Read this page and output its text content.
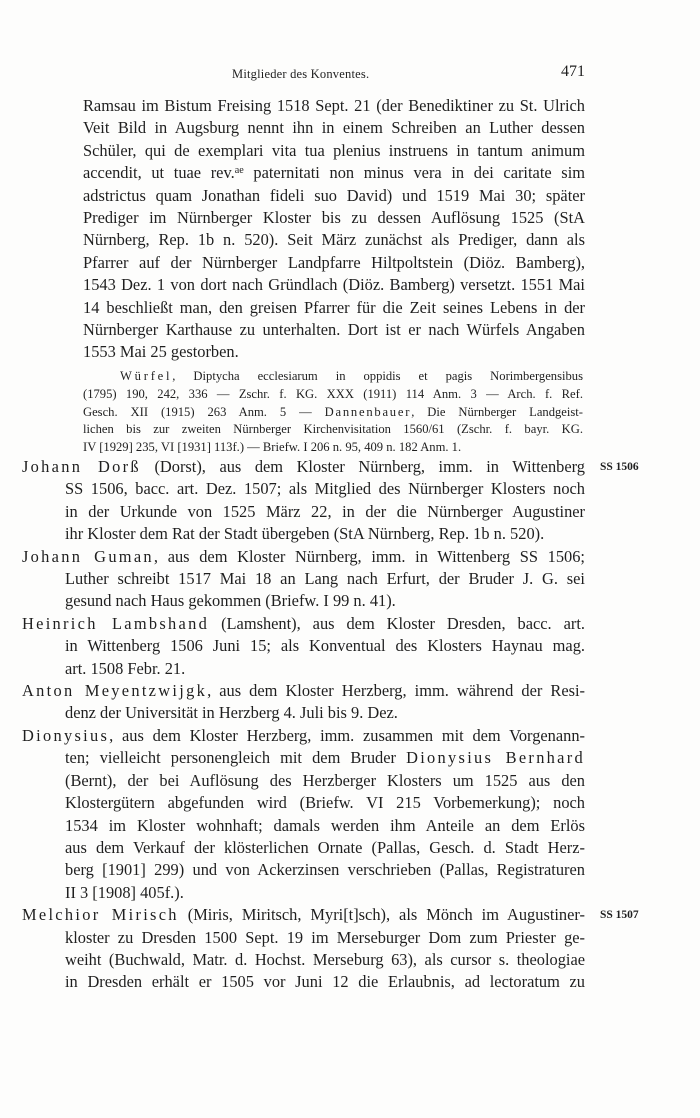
Mitglieder des Konventes.	471
Ramsau im Bistum Freising 1518 Sept. 21 (der Benediktiner zu St. Ulrich
Veit Bild in Augsburg nennt ihn in einem Schreiben an Luther dessen
Schüler, qui de exemplari vita tua plenius instruens in tantum animum
accendit, ut tuae rev.$^{ae}$ paternitati non minus vera in dei caritate sim
adstrictus quam Jonathan fideli suo David) und 1519 Mai 30; später
Prediger im Nürnberger Kloster bis zu dessen Auflösung 1525 (StA
Nürnberg, Rep. 1b n. 520). Seit März zunächst als Prediger, dann als
Pfarrer auf der Nürnberger Landpfarre Hiltpoltstein (Diöz. Bamberg),
1543 Dez. 1 von dort nach Gründlach (Diöz. Bamberg) versetzt. 1551 Mai
14 beschließt man, den greisen Pfarrer für die Zeit seines Lebens in der
Nürnberger Karthause zu unterhalten. Dort ist er nach Würfels Angaben
1553 Mai 25 gestorben.
Würfel, Diptycha ecclesiarum in oppidis et pagis Norimbergensibus
(1795) 190, 242, 336 — Zschr. f. KG. XXX (1911) 114 Anm. 3 — Arch. f. Ref.
Gesch. XII (1915) 263 Anm. 5 — Dannenbauer, Die Nürnberger Landgeist-
lichen bis zur zweiten Nürnberger Kirchenvisitation 1560/61 (Zschr. f. bayr. KG.
IV [1929] 235, VI [1931] 113f.) — Briefw. I 206 n. 95, 409 n. 182 Anm. 1.
Johann Dorß (Dorst), aus dem Kloster Nürnberg, imm. in Wittenberg
SS 1506, bacc. art. Dez. 1507; als Mitglied des Nürnberger Klosters noch
in der Urkunde von 1525 März 22, in der die Nürnberger Augustiner
ihr Kloster dem Rat der Stadt übergeben (StA Nürnberg, Rep. 1b n. 520).
SS 1506
Johann Guman, aus dem Kloster Nürnberg, imm. in Wittenberg SS 1506;
Luther schreibt 1517 Mai 18 an Lang nach Erfurt, der Bruder J. G. sei
gesund nach Haus gekommen (Briefw. I 99 n. 41).
Heinrich Lambshand (Lamshent), aus dem Kloster Dresden, bacc. art.
in Wittenberg 1506 Juni 15; als Konventual des Klosters Haynau mag.
art. 1508 Febr. 21.
Anton Meyentzwijgk, aus dem Kloster Herzberg, imm. während der Resi-
denz der Universität in Herzberg 4. Juli bis 9. Dez.
Dionysius, aus dem Kloster Herzberg, imm. zusammen mit dem Vorgenann-
ten; vielleicht personengleich mit dem Bruder Dionysius Bernhard
(Bernt), der bei Auflösung des Herzberger Klosters um 1525 aus den
Klostergütern abgefunden wird (Briefw. VI 215 Vorbemerkung); noch
1534 im Kloster wohnhaft; damals werden ihm Anteile an dem Erlös
aus dem Verkauf der klösterlichen Ornate (Pallas, Gesch. d. Stadt Herz-
berg [1901] 299) und von Ackerzinsen verschrieben (Pallas, Registraturen
II 3 [1908] 405f.).
Melchior Mirisch (Miris, Miritsch, Myri[t]sch), als Mönch im Augustiner-
kloster zu Dresden 1500 Sept. 19 im Merseburger Dom zum Priester ge-
weiht (Buchwald, Matr. d. Hochst. Merseburg 63), als cursor s. theologiae
in Dresden erhält er 1505 vor Juni 12 die Erlaubnis, ad lectoratum zu
SS 1507
